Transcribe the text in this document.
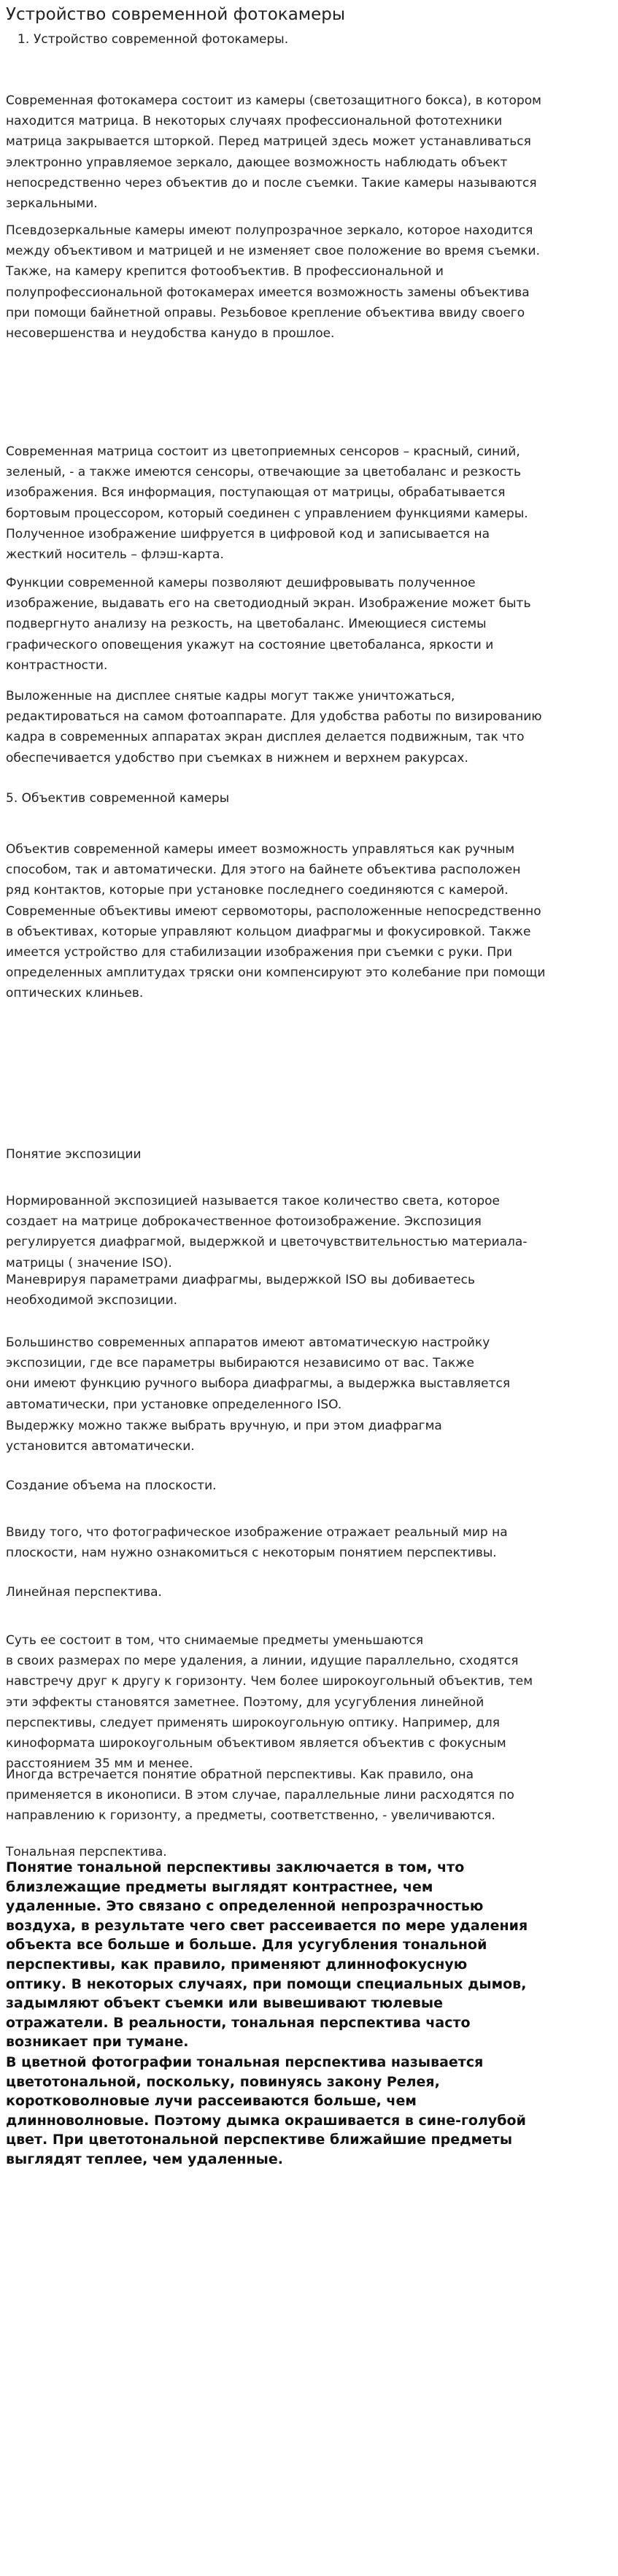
Устройство современной фотокамеры
1. Устройство современной фотокамеры.

Современная фотокамера состоит из камеры (светозащитного бокса), в котором
находится матрица. В некоторых случаях профессиональной фототехники
матрица закрывается шторкой. Перед матрицей здесь может устанавливаться
электронно управляемое зеркало, дающее возможность наблюдать объект
непосредственно через объектив до и после съемки. Такие камеры называются
зеркальными.

Псевдозеркальные камеры имеют полупрозрачное зеркало, которое находится
между объективом и матрицей и не изменяет свое положение во время съемки.
Также, на камеру крепится фотообъектив. В профессиональной и
полупрофессиональной фотокамерах имеется возможность замены объектива
при помощи байнетной оправы. Резьбовое крепление объектива ввиду своего
несовершенства и неудобства канудо в прошлое.

Современная матрица состоит из цветоприемных сенсоров – красный, синий,
зеленый, - а также имеются сенсоры, отвечающие за цветобаланс и резкость
изображения. Вся информация, поступающая от матрицы, обрабатывается
бортовым процессором, который соединен с управлением функциями камеры.
Полученное изображение шифруется в цифровой код и записывается на
жесткий носитель – флэш-карта.

Функции современной камеры позволяют дешифровывать полученное
изображение, выдавать его на светодиодный экран. Изображение может быть
подвергнуто анализу на резкость, на цветобаланс. Имеющиеся системы
графического оповещения укажут на состояние цветобаланса, яркости и
контрастности.

Выложенные на дисплее снятые кадры могут также уничтожаться,
редактироваться на самом фотоаппарате. Для удобства работы по визированию
кадра в современных аппаратах экран дисплея делается подвижным, так что
обеспечивается удобство при съемках в нижнем и верхнем ракурсах.

5. Объектив современной камеры

Объектив современной камеры имеет возможность управляться как ручным
способом, так и автоматически. Для этого на байнете объектива расположен
ряд контактов, которые при установке последнего соединяются с камерой.
Современные объективы имеют сервомоторы, расположенные непосредственно
в объективах, которые управляют кольцом диафрагмы и фокусировкой. Также
имеется устройство для стабилизации изображения при съемки с руки. При
определенных амплитудах тряски они компенсируют это колебание при помощи
оптических клиньев.

Понятие экспозиции

Нормированной экспозицией называется такое количество света, которое
создает на матрице доброкачественное фотоизображение. Экспозиция
регулируется диафрагмой, выдержкой и цветочувствительностью материала-
матрицы ( значение ISO).

Маневрируя параметрами диафрагмы, выдержкой ISO вы добиваетесь
необходимой экспозиции.

Большинство современных аппаратов имеют автоматическую настройку
экспозиции, где все параметры выбираются независимо от вас. Также
они имеют функцию ручного выбора диафрагмы, а выдержка выставляется
автоматически, при установке определенного ISO.

Выдержку можно также выбрать вручную, и при этом диафрагма
установится автоматически.

Создание объема на плоскости.

Ввиду того, что фотографическое изображение отражает реальный мир на
плоскости, нам нужно ознакомиться с некоторым понятием перспективы.

Линейная перспектива.

Суть ее состоит в том, что снимаемые предметы уменьшаются
в своих размерах по мере удаления, а линии, идущие параллельно, сходятся
навстречу друг к другу к горизонту. Чем более широкоугольный объектив, тем
эти эффекты становятся заметнее. Поэтому, для усугубления линейной
перспективы, следует применять широкоугольную оптику. Например, для
киноформата широкоугольным объективом является объектив с фокусным
расстоянием 35 мм и менее.

Иногда встречается понятие обратной перспективы. Как правило, она
применяется в иконописи. В этом случае, параллельные лини расходятся по
направлению к горизонту, а предметы, соответственно, - увеличиваются.

Тональная перспектива.

Понятие тональной перспективы заключается в том, что
близлежащие предметы выглядят контрастнее, чем
удаленные. Это связано с определенной непрозрачностью
воздуха, в результате чего свет рассеивается по мере удаления
объекта все больше и больше. Для усугубления тональной
перспективы, как правило, применяют длиннофокусную
оптику. В некоторых случаях, при помощи специальных дымов,
задымляют объект съемки или вывешивают тюлевые
отражатели. В реальности, тональная перспектива часто
возникает при тумане.

В цветной фотографии тональная перспектива называется
цветотональной, поскольку, повинуясь закону Релея,
коротковолновые лучи рассеиваются больше, чем
длинноволновые. Поэтому дымка окрашивается в сине-голубой
цвет. При цветотональной перспективе ближайшие предметы
выглядят теплее, чем удаленные.
